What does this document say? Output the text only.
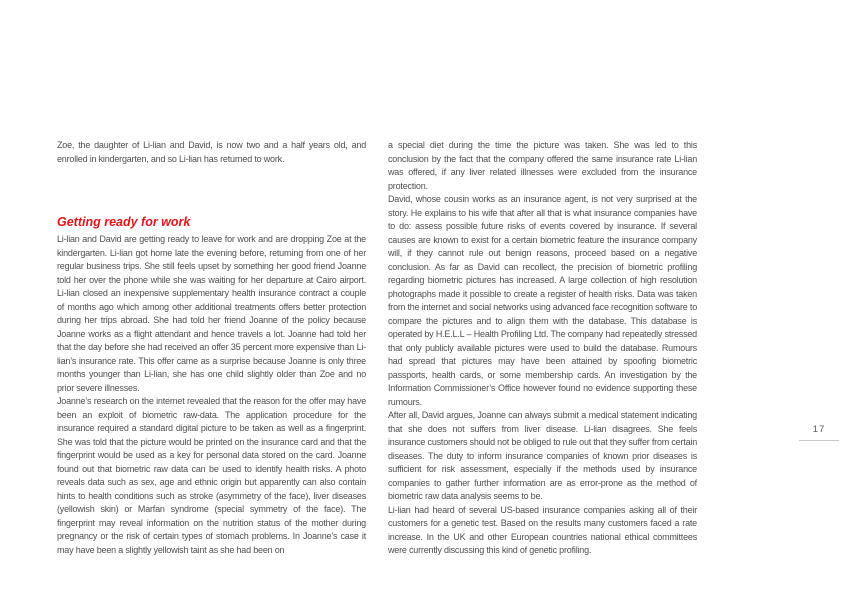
Zoe, the daughter of Li-lian and David, is now two and a half years old, and enrolled in kindergarten, and so Li-lian has returned to work.

Getting ready for work

Li-lian and David are getting ready to leave for work and are dropping Zoe at the kindergarten. Li-lian got home late the evening before, returning from one of her regular business trips. She still feels upset by something her good friend Joanne told her over the phone while she was waiting for her departure at Cairo airport. Li-lian closed an inexpensive supplementary health insurance contract a couple of months ago which among other additional treatments offers better protection during her trips abroad. She had told her friend Joanne of the policy because Joanne works as a flight attendant and hence travels a lot. Joanne had told her that the day before she had received an offer 35 percent more expensive than Li-lian’s insurance rate. This offer came as a surprise because Joanne is only three months younger than Li-lian, she has one child slightly older than Zoe and no prior severe illnesses.

Joanne’s research on the internet revealed that the reason for the offer may have been an exploit of biometric raw-data. The application procedure for the insurance required a standard digital picture to be taken as well as a fingerprint. She was told that the picture would be printed on the insurance card and that the fingerprint would be used as a key for personal data stored on the card. Joanne found out that biometric raw data can be used to identify health risks. A photo reveals data such as sex, age and ethnic origin but apparently can also contain hints to health conditions such as stroke (asymmetry of the face), liver diseases (yellowish skin) or Marfan syndrome (special symmetry of the face). The fingerprint may reveal information on the nutrition status of the mother during pregnancy or the risk of certain types of stomach problems. In Joanne’s case it may have been a slightly yellowish taint as she had been on

a special diet during the time the picture was taken. She was led to this conclusion by the fact that the company offered the same insurance rate Li-lian was offered, if any liver related illnesses were excluded from the insurance protection.

David, whose cousin works as an insurance agent, is not very surprised at the story. He explains to his wife that after all that is what insurance companies have to do: assess possible future risks of events covered by insurance. If several causes are known to exist for a certain biometric feature the insurance company will, if they cannot rule out benign reasons, proceed based on a negative conclusion. As far as David can recollect, the precision of biometric profiling regarding biometric pictures has increased. A large collection of high resolution photographs made it possible to create a register of health risks. Data was taken from the internet and social networks using advanced face recognition software to compare the pictures and to align them with the database. This database is operated by H.E.L.L – Health Profiling Ltd. The company had repeatedly stressed that only publicly available pictures were used to build the database. Rumours had spread that pictures may have been attained by spoofing biometric passports, health cards, or some membership cards. An investigation by the Information Commissioner’s Office however found no evidence supporting these rumours.

After all, David argues, Joanne can always submit a medical statement indicating that she does not suffers from liver disease. Li-lian disagrees. She feels insurance customers should not be obliged to rule out that they suffer from certain diseases. The duty to inform insurance companies of known prior diseases is sufficient for risk assessment, especially if the methods used by insurance companies to gather further information are as error-prone as the method of biometric raw data analysis seems to be.

Li-lian had heard of several US-based insurance companies asking all of their customers for a genetic test. Based on the results many customers faced a rate increase. In the UK and other European countries national ethical committees were currently discussing this kind of genetic profiling.

17
